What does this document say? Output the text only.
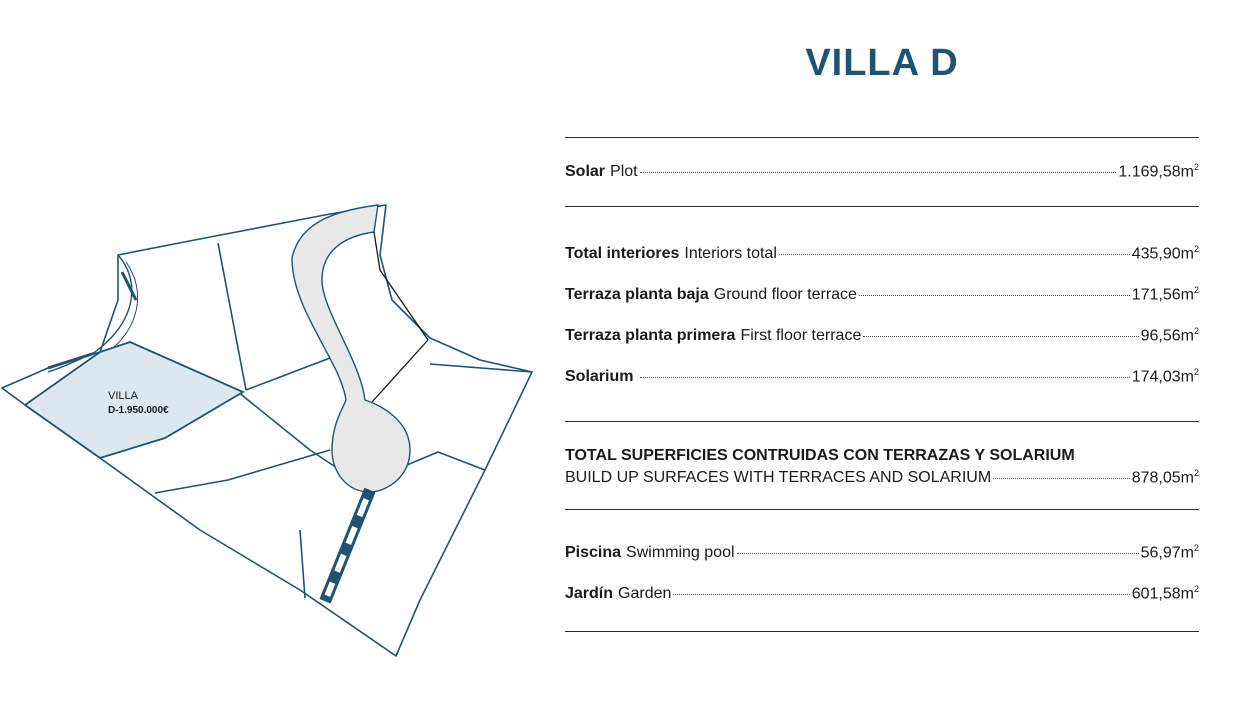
VILLA
D-1.950.000€
VILLA D
Solar Plot	$1.169,58m^2$
Total interiores Interiors total	$435,90m^2$
Terraza planta baja Ground floor terrace	$171,56m^2$
Terraza planta primera First floor terrace	$96,56m^2$
Solarium	$174,03m^2$
TOTAL SUPERFICIES CONTRUIDAS CON TERRAZAS Y SOLARIUM
BUILD UP SURFACES WITH TERRACES AND SOLARIUM	$878,05m^2$
Piscina Swimming pool	$56,97m^2$
Jardín Garden	$601,58m^2$
